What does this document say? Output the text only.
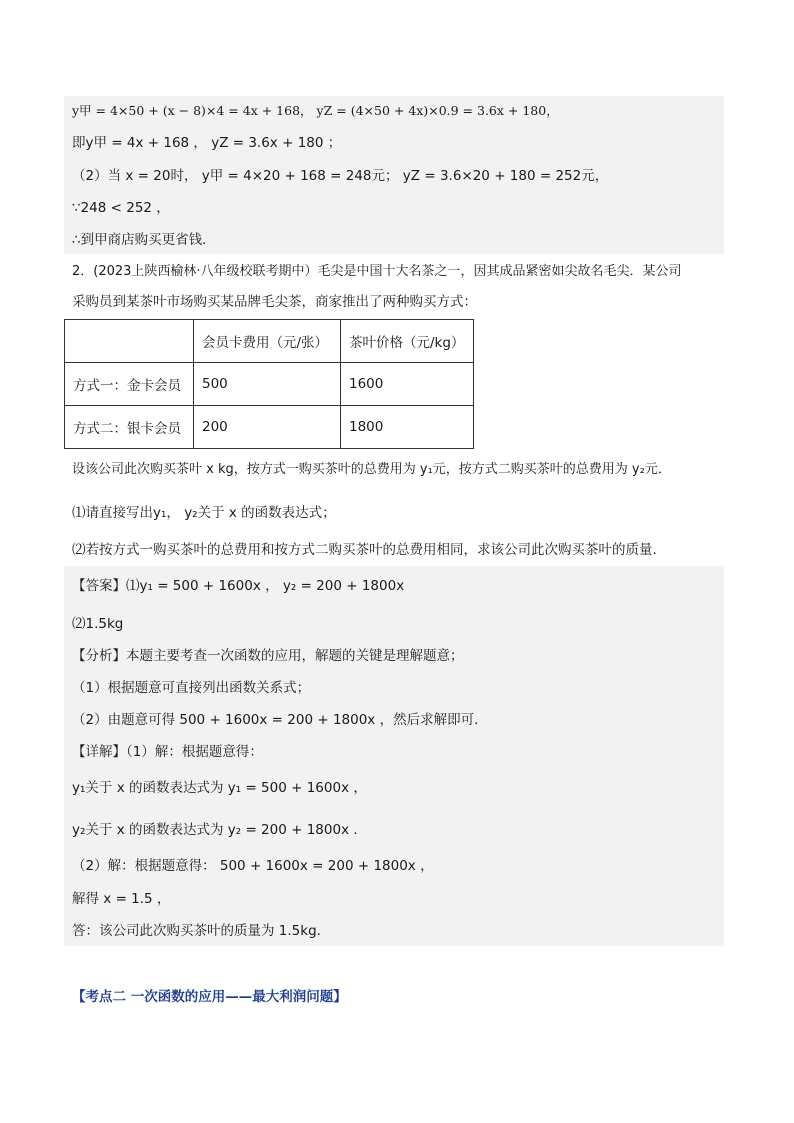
y甲 = 4×50 + (x − 8)×4 = 4x + 168， yZ = (4×50 + 4x)×0.9 = 3.6x + 180，
即y甲 = 4x + 168 ， yZ = 3.6x + 180 ；
（2）当 x = 20时， y甲 = 4×20 + 168 = 248元； yZ = 3.6×20 + 180 = 252元，
∵248 < 252 ，
∴到甲商店购买更省钱．
2．(2023上陕西榆林·八年级校联考期中）毛尖是中国十大名茶之一，因其成品紧密如尖故名毛尖．某公司
采购员到某茶叶市场购买某品牌毛尖茶，商家推出了两种购买方式：
	会员卡费用（元/张）	茶叶价格（元/kg）
方式一：金卡会员	500	1600
方式二：银卡会员	200	1800
设该公司此次购买茶叶 x kg，按方式一购买茶叶的总费用为 y₁元，按方式二购买茶叶的总费用为 y₂元．
⑴请直接写出y₁， y₂关于 x 的函数表达式；
⑵若按方式一购买茶叶的总费用和按方式二购买茶叶的总费用相同，求该公司此次购买茶叶的质量．
【答案】⑴y₁ = 500 + 1600x ， y₂ = 200 + 1800x
⑵1.5kg
【分析】本题主要考查一次函数的应用，解题的关键是理解题意；
（1）根据题意可直接列出函数关系式；
（2）由题意可得 500 + 1600x = 200 + 1800x ，然后求解即可．
【详解】（1）解：根据题意得：
y₁关于 x 的函数表达式为 y₁ = 500 + 1600x ，
y₂关于 x 的函数表达式为 y₂ = 200 + 1800x ．
（2）解：根据题意得： 500 + 1600x = 200 + 1800x ，
解得 x = 1.5 ，
答：该公司此次购买茶叶的质量为 1.5kg．
【考点二 一次函数的应用——最大利润问题】
